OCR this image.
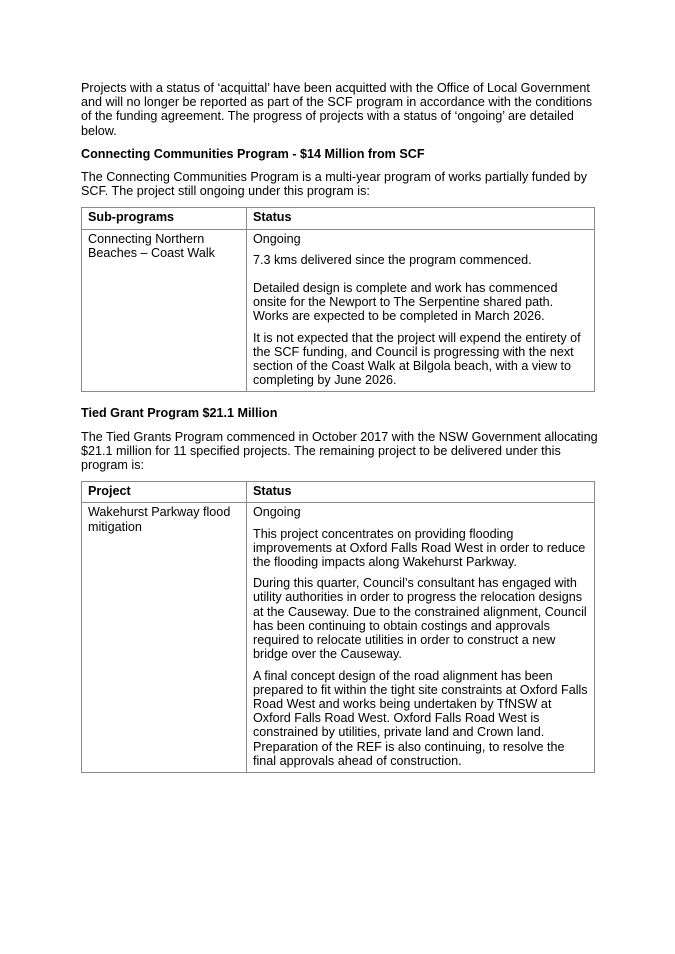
Projects with a status of ‘acquittal’ have been acquitted with the Office of Local Government and will no longer be reported as part of the SCF program in accordance with the conditions of the funding agreement. The progress of projects with a status of ‘ongoing’ are detailed below.

Connecting Communities Program - $14 Million from SCF

The Connecting Communities Program is a multi-year program of works partially funded by SCF. The project still ongoing under this program is:

Sub-programs	Status
Connecting Northern Beaches – Coast Walk	Ongoing

7.3 kms delivered since the program commenced.

Detailed design is complete and work has commenced onsite for the Newport to The Serpentine shared path. Works are expected to be completed in March 2026.

It is not expected that the project will expend the entirety of the SCF funding, and Council is progressing with the next section of the Coast Walk at Bilgola beach, with a view to completing by June 2026.

Tied Grant Program $21.1 Million

The Tied Grants Program commenced in October 2017 with the NSW Government allocating $21.1 million for 11 specified projects. The remaining project to be delivered under this program is:

Project	Status
Wakehurst Parkway flood mitigation	Ongoing

This project concentrates on providing flooding improvements at Oxford Falls Road West in order to reduce the flooding impacts along Wakehurst Parkway.

During this quarter, Council’s consultant has engaged with utility authorities in order to progress the relocation designs at the Causeway. Due to the constrained alignment, Council has been continuing to obtain costings and approvals required to relocate utilities in order to construct a new bridge over the Causeway.

A final concept design of the road alignment has been prepared to fit within the tight site constraints at Oxford Falls Road West and works being undertaken by TfNSW at Oxford Falls Road West. Oxford Falls Road West is constrained by utilities, private land and Crown land. Preparation of the REF is also continuing, to resolve the final approvals ahead of construction.
